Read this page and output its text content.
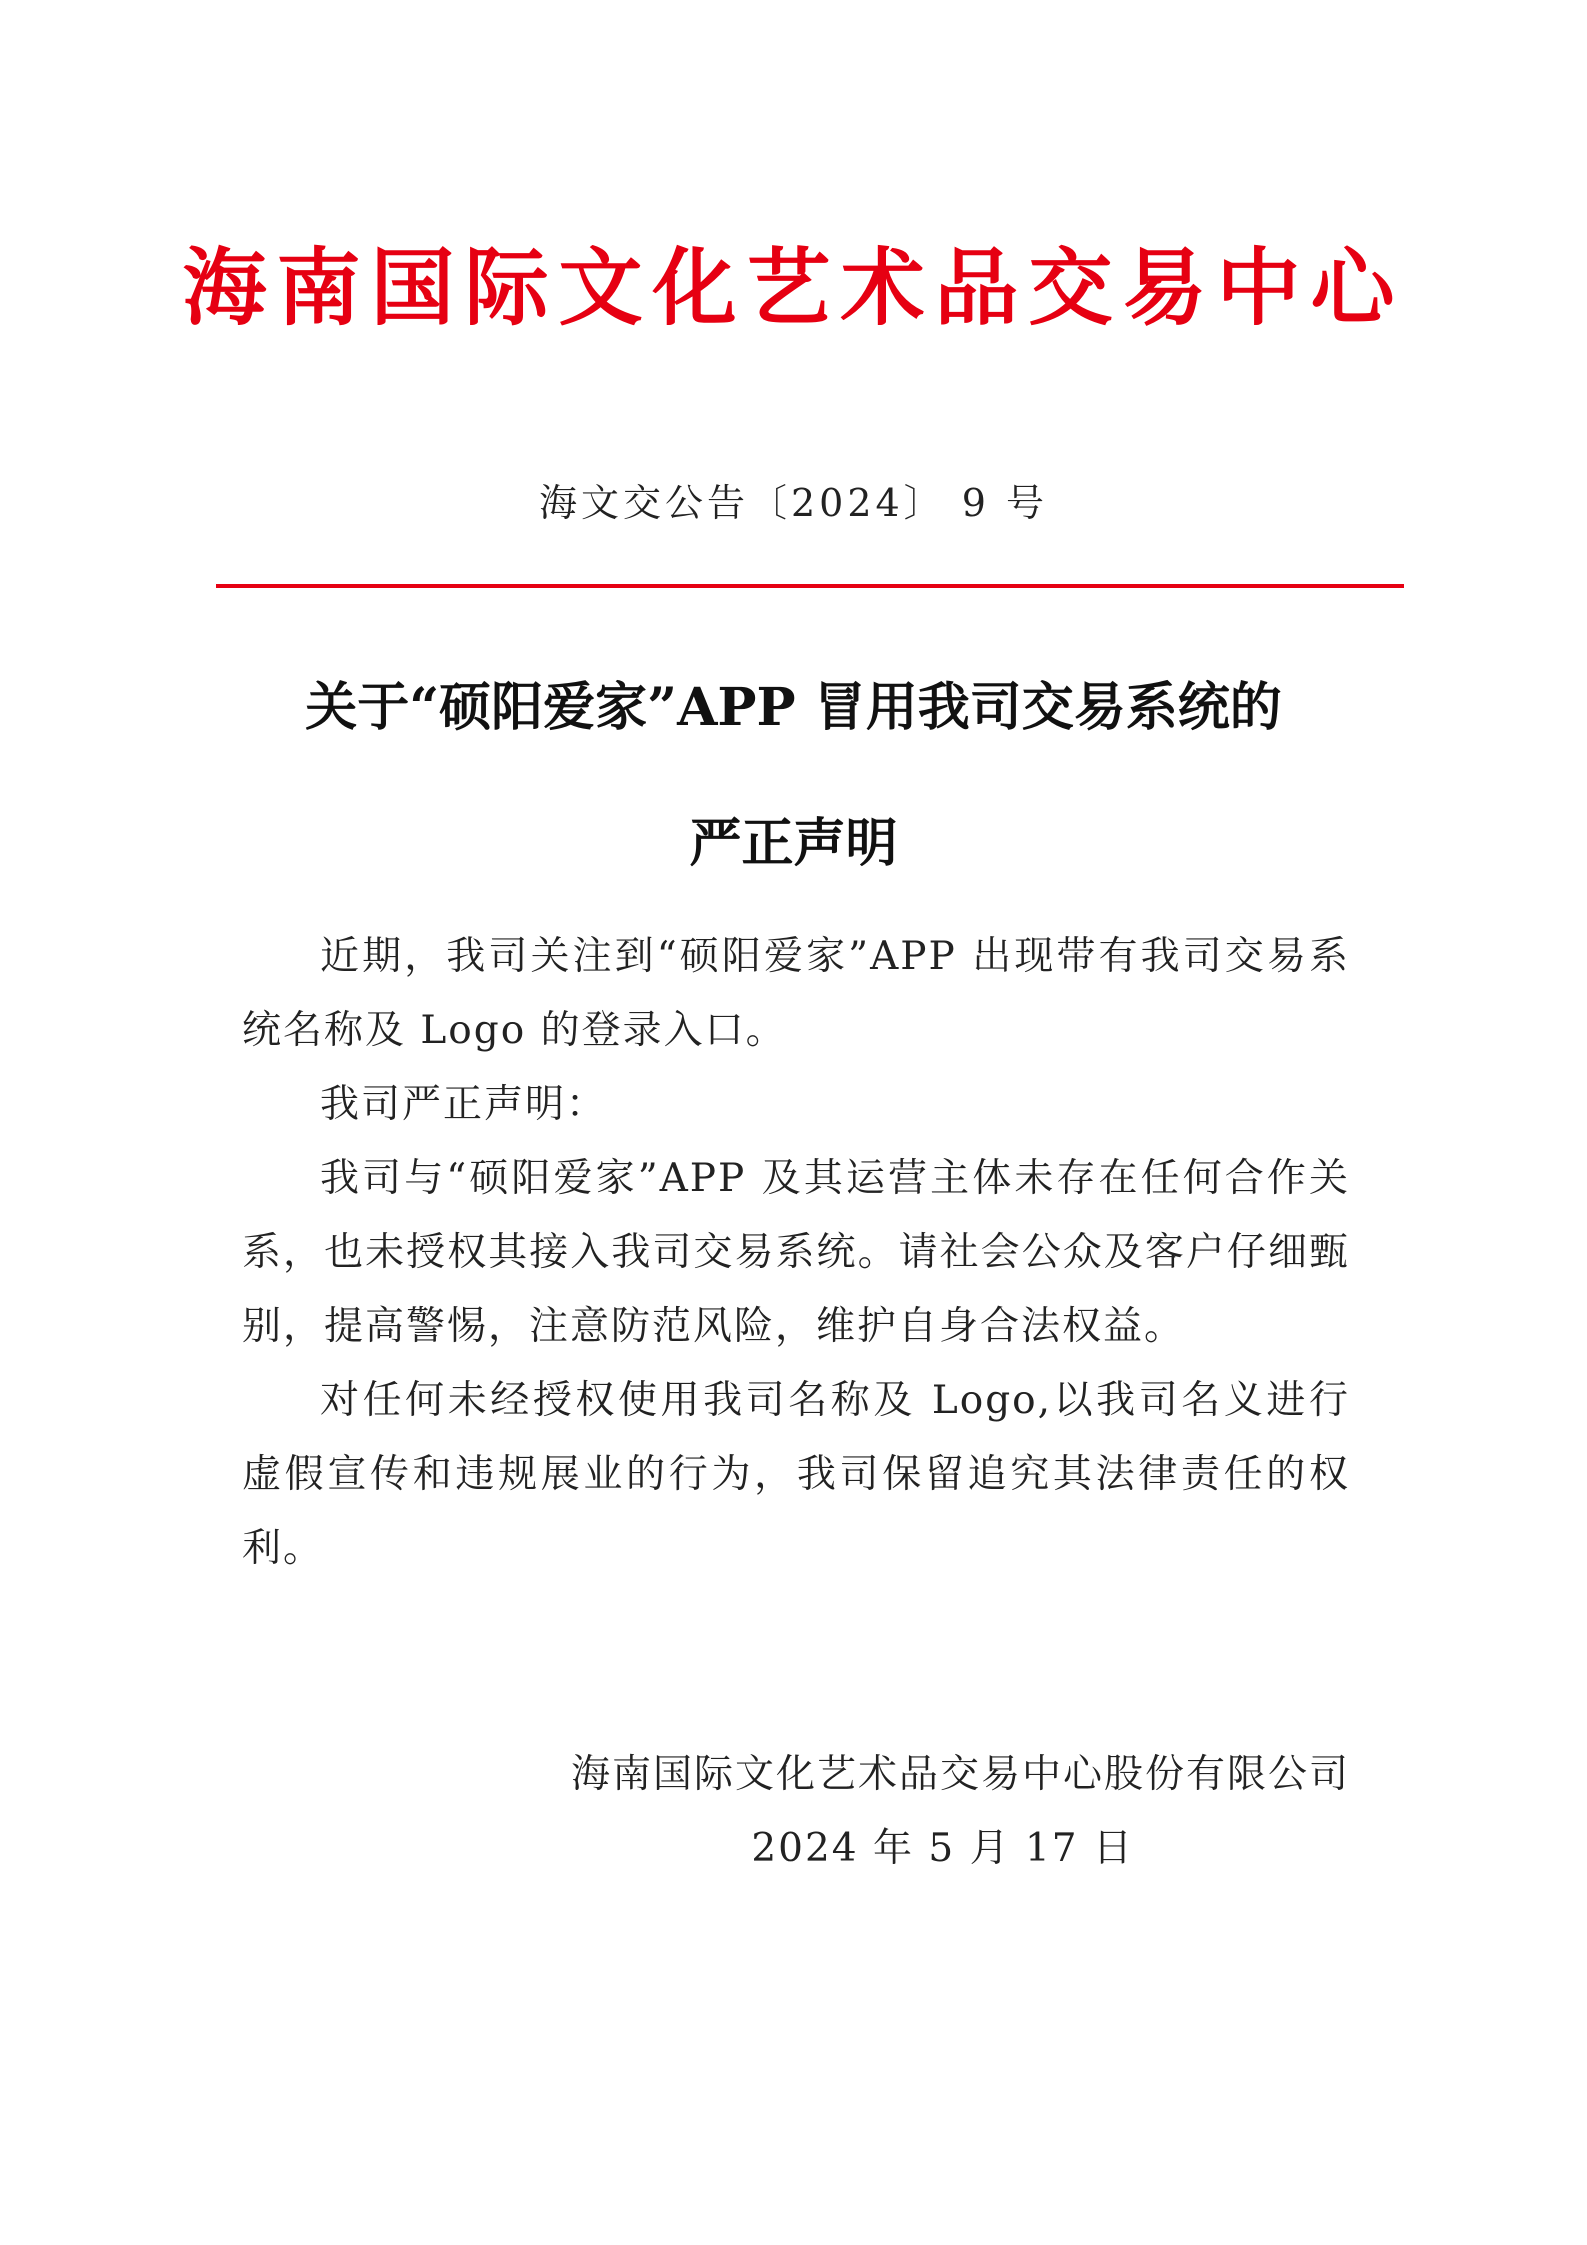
海南国际文化艺术品交易中心
海文交公告〔2024〕 9 号
关于“硕阳爱家”APP 冒用我司交易系统的
严正声明

近期，我司关注到“硕阳爱家”APP 出现带有我司交易系统名称及 Logo 的登录入口。

我司严正声明：

我司与“硕阳爱家”APP 及其运营主体未存在任何合作关系，也未授权其接入我司交易系统。请社会公众及客户仔细甄别，提高警惕，注意防范风险，维护自身合法权益。

对任何未经授权使用我司名称及 Logo,以我司名义进行虚假宣传和违规展业的行为，我司保留追究其法律责任的权利。

海南国际文化艺术品交易中心股份有限公司
2024 年 5 月 17 日
